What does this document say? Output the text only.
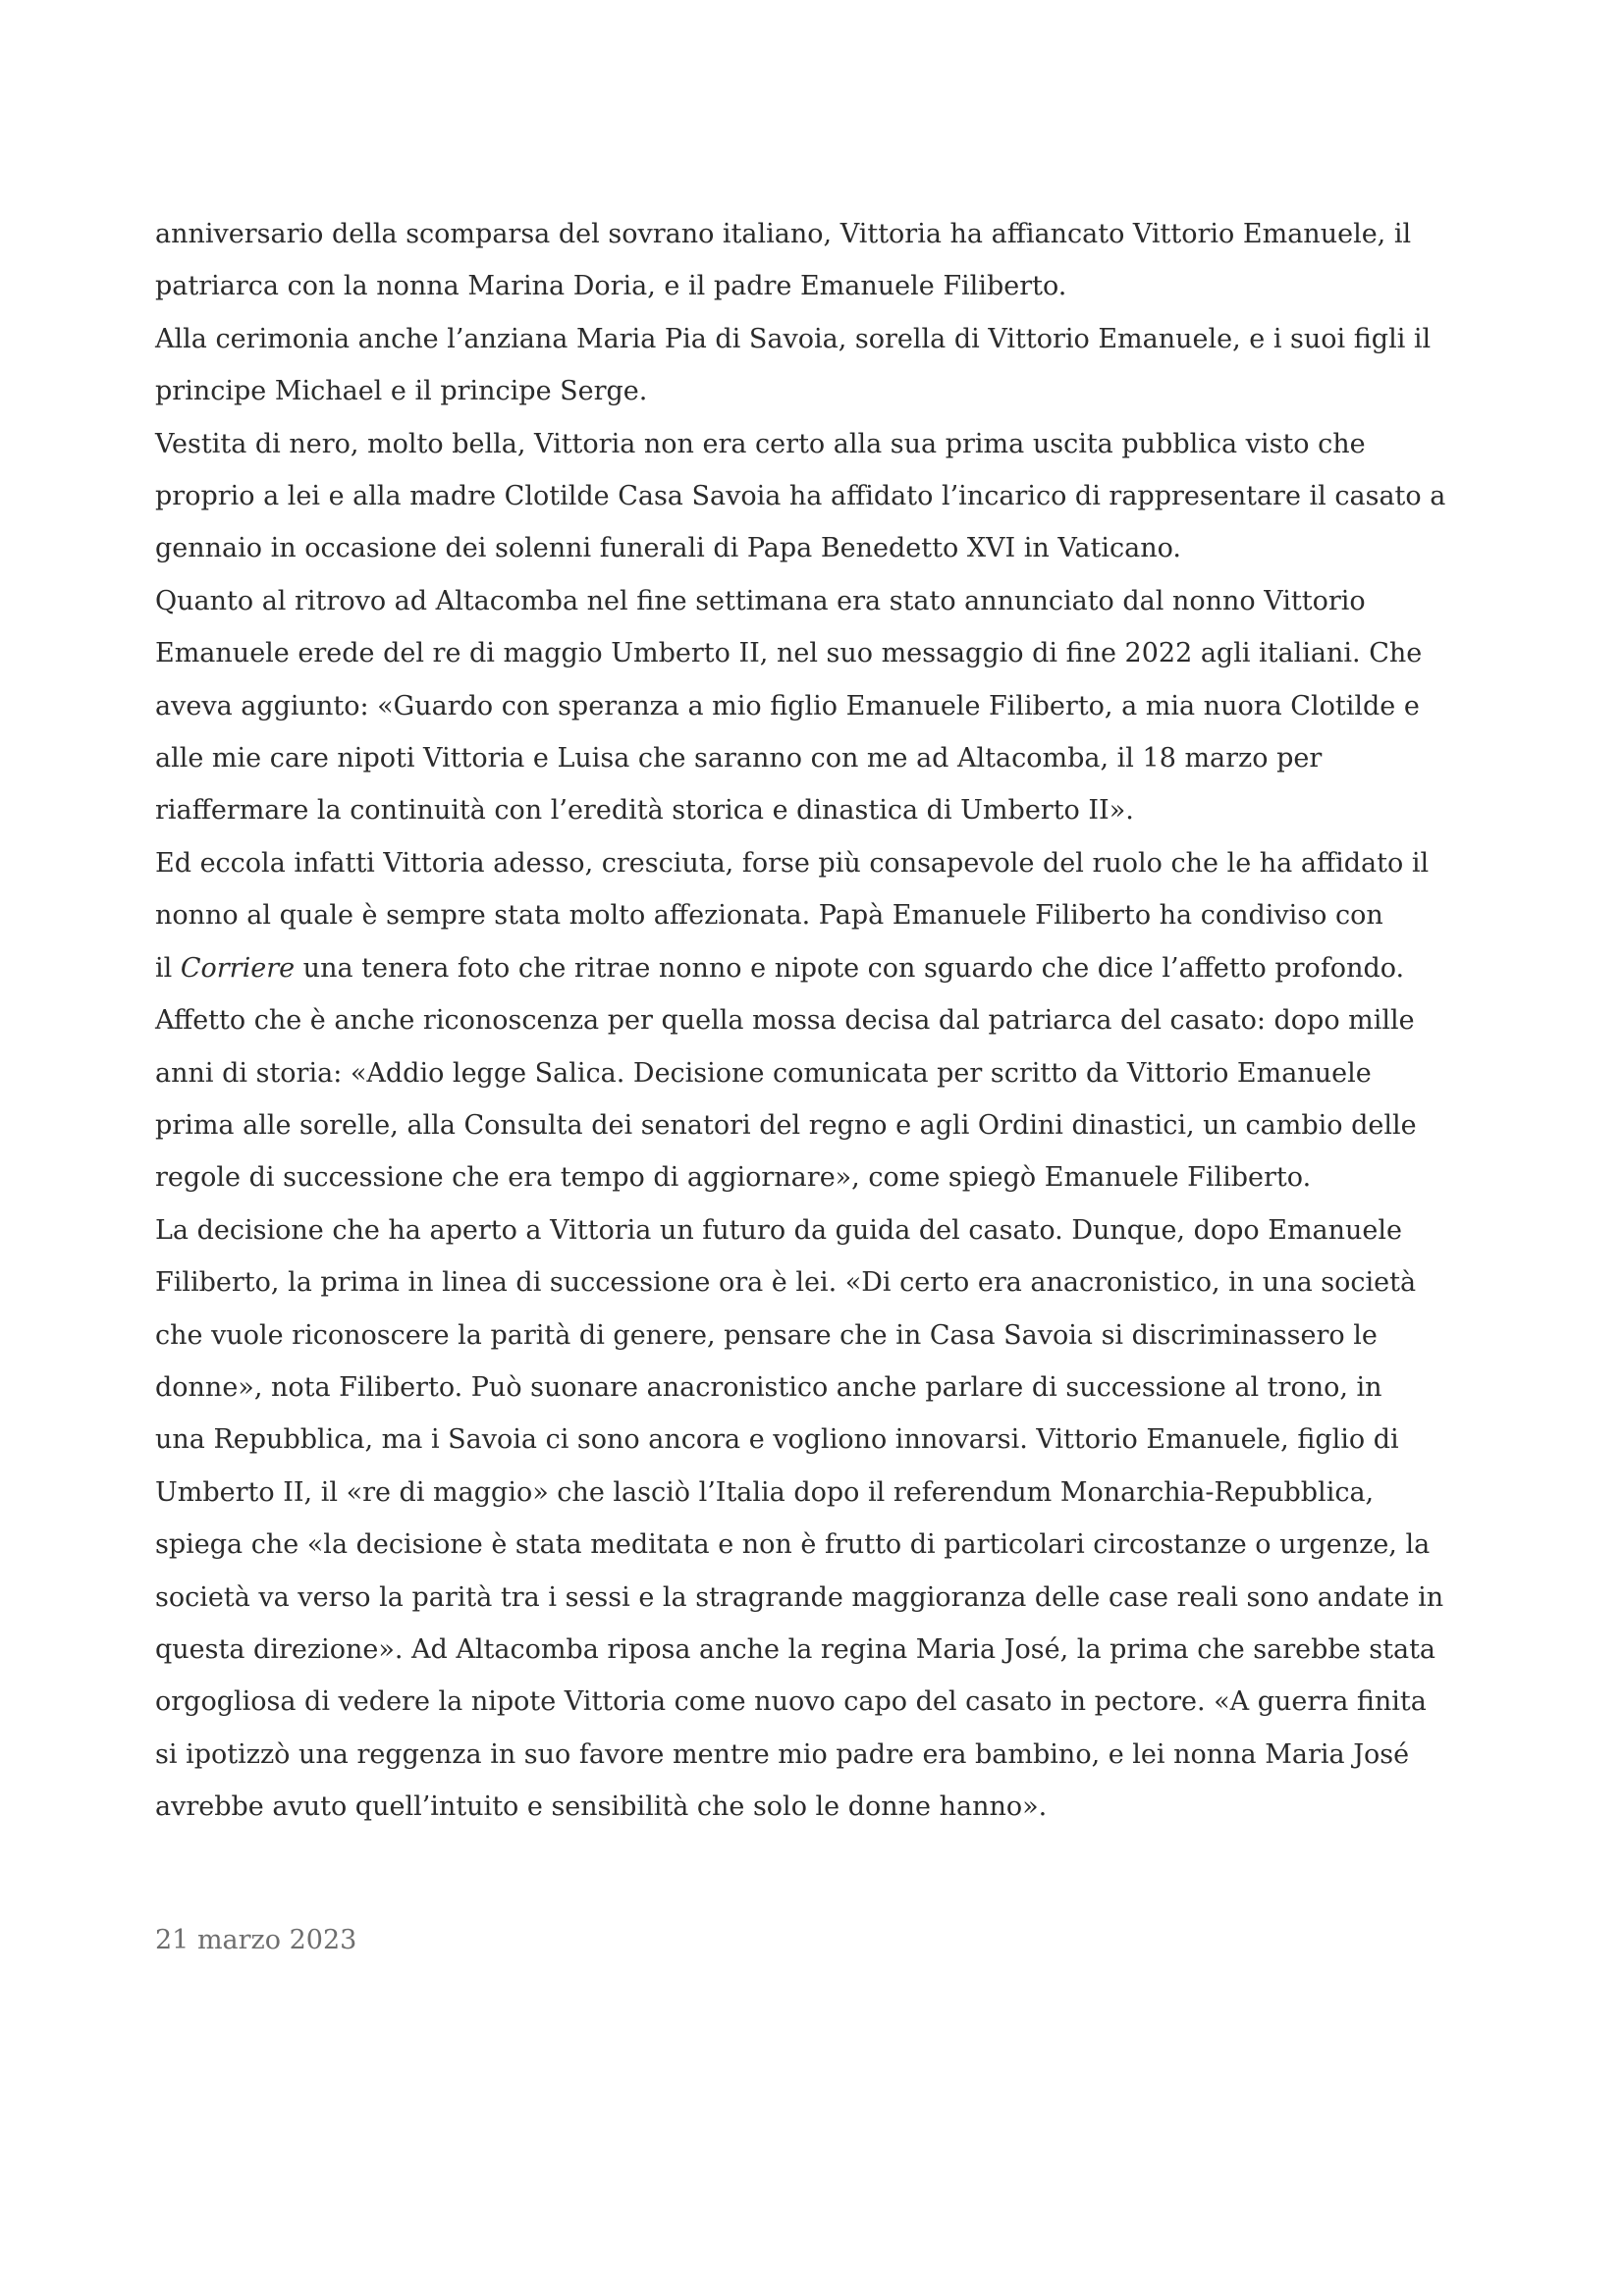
anniversario della scomparsa del sovrano italiano, Vittoria ha affiancato Vittorio Emanuele, il
patriarca con la nonna Marina Doria, e il padre Emanuele Filiberto.
Alla cerimonia anche l’anziana Maria Pia di Savoia, sorella di Vittorio Emanuele, e i suoi figli il
principe Michael e il principe Serge.
Vestita di nero, molto bella, Vittoria non era certo alla sua prima uscita pubblica visto che
proprio a lei e alla madre Clotilde Casa Savoia ha affidato l’incarico di rappresentare il casato a
gennaio in occasione dei solenni funerali di Papa Benedetto XVI in Vaticano.
Quanto al ritrovo ad Altacomba nel fine settimana era stato annunciato dal nonno Vittorio
Emanuele erede del re di maggio Umberto II, nel suo messaggio di fine 2022 agli italiani. Che
aveva aggiunto: «Guardo con speranza a mio figlio Emanuele Filiberto, a mia nuora Clotilde e
alle mie care nipoti Vittoria e Luisa che saranno con me ad Altacomba, il 18 marzo per
riaffermare la continuità con l’eredità storica e dinastica di Umberto II».
Ed eccola infatti Vittoria adesso, cresciuta, forse più consapevole del ruolo che le ha affidato il
nonno al quale è sempre stata molto affezionata. Papà Emanuele Filiberto ha condiviso con
il Corriere una tenera foto che ritrae nonno e nipote con sguardo che dice l’affetto profondo.
Affetto che è anche riconoscenza per quella mossa decisa dal patriarca del casato: dopo mille
anni di storia: «Addio legge Salica. Decisione comunicata per scritto da Vittorio Emanuele
prima alle sorelle, alla Consulta dei senatori del regno e agli Ordini dinastici, un cambio delle
regole di successione che era tempo di aggiornare», come spiegò Emanuele Filiberto.
La decisione che ha aperto a Vittoria un futuro da guida del casato. Dunque, dopo Emanuele
Filiberto, la prima in linea di successione ora è lei. «Di certo era anacronistico, in una società
che vuole riconoscere la parità di genere, pensare che in Casa Savoia si discriminassero le
donne», nota Filiberto. Può suonare anacronistico anche parlare di successione al trono, in
una Repubblica, ma i Savoia ci sono ancora e vogliono innovarsi. Vittorio Emanuele, figlio di
Umberto II, il «re di maggio» che lasciò l’Italia dopo il referendum Monarchia-Repubblica,
spiega che «la decisione è stata meditata e non è frutto di particolari circostanze o urgenze, la
società va verso la parità tra i sessi e la stragrande maggioranza delle case reali sono andate in
questa direzione». Ad Altacomba riposa anche la regina Maria José, la prima che sarebbe stata
orgogliosa di vedere la nipote Vittoria come nuovo capo del casato in pectore. «A guerra finita
si ipotizzò una reggenza in suo favore mentre mio padre era bambino, e lei nonna Maria José
avrebbe avuto quell’intuito e sensibilità che solo le donne hanno».
21 marzo 2023
